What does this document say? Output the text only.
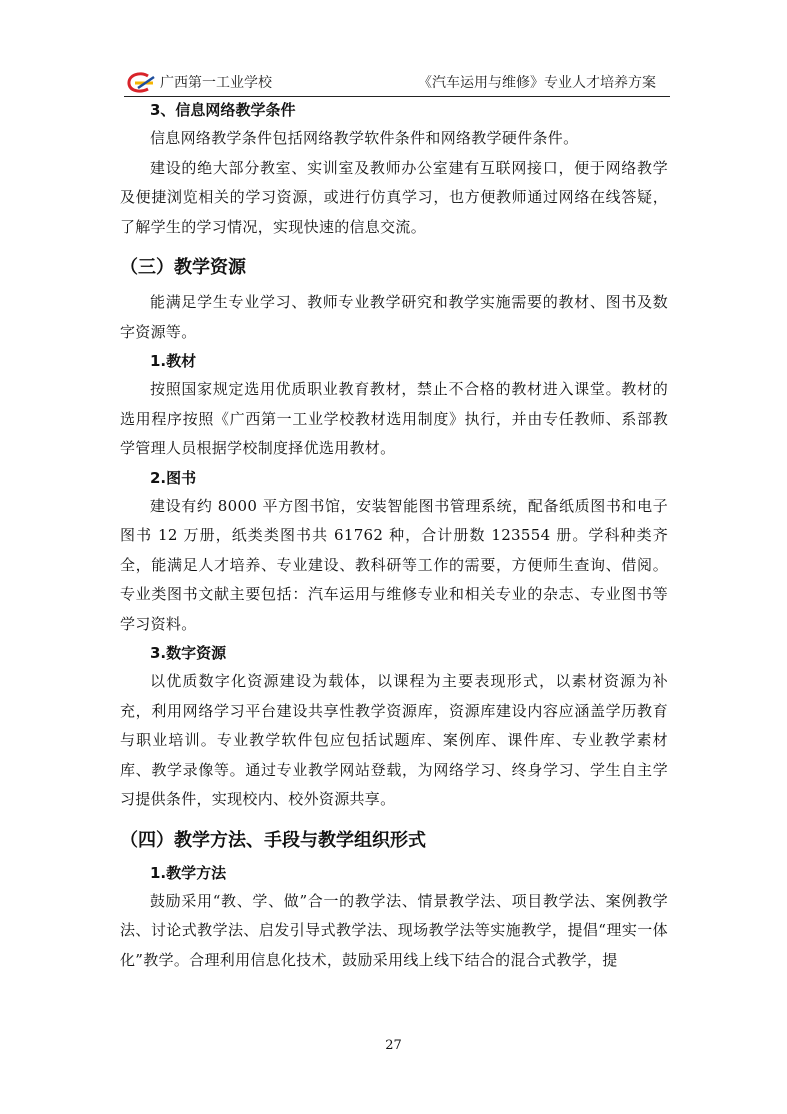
广西第一工业学校	《汽车运用与维修》专业人才培养方案
3、信息网络教学条件

信息网络教学条件包括网络教学软件条件和网络教学硬件条件。

建设的绝大部分教室、实训室及教师办公室建有互联网接口，便于网络教学及便捷浏览相关的学习资源，或进行仿真学习，也方便教师通过网络在线答疑，了解学生的学习情况，实现快速的信息交流。

（三）教学资源

能满足学生专业学习、教师专业教学研究和教学实施需要的教材、图书及数字资源等。

1.教材

按照国家规定选用优质职业教育教材，禁止不合格的教材进入课堂。教材的选用程序按照《广西第一工业学校教材选用制度》执行，并由专任教师、系部教学管理人员根据学校制度择优选用教材。

2.图书

建设有约 8000 平方图书馆，安装智能图书管理系统，配备纸质图书和电子图书 12 万册，纸类类图书共 61762 种，合计册数 123554 册。学科种类齐全，能满足人才培养、专业建设、教科研等工作的需要，方便师生查询、借阅。专业类图书文献主要包括：汽车运用与维修专业和相关专业的杂志、专业图书等学习资料。

3.数字资源

以优质数字化资源建设为载体，以课程为主要表现形式，以素材资源为补充，利用网络学习平台建设共享性教学资源库，资源库建设内容应涵盖学历教育与职业培训。专业教学软件包应包括试题库、案例库、课件库、专业教学素材库、教学录像等。通过专业教学网站登载，为网络学习、终身学习、学生自主学习提供条件，实现校内、校外资源共享。

（四）教学方法、手段与教学组织形式
1.教学方法

鼓励采用“教、学、做”合一的教学法、情景教学法、项目教学法、案例教学法、讨论式教学法、启发引导式教学法、现场教学法等实施教学，提倡“理实一体化”教学。合理利用信息化技术，鼓励采用线上线下结合的混合式教学，提

27
